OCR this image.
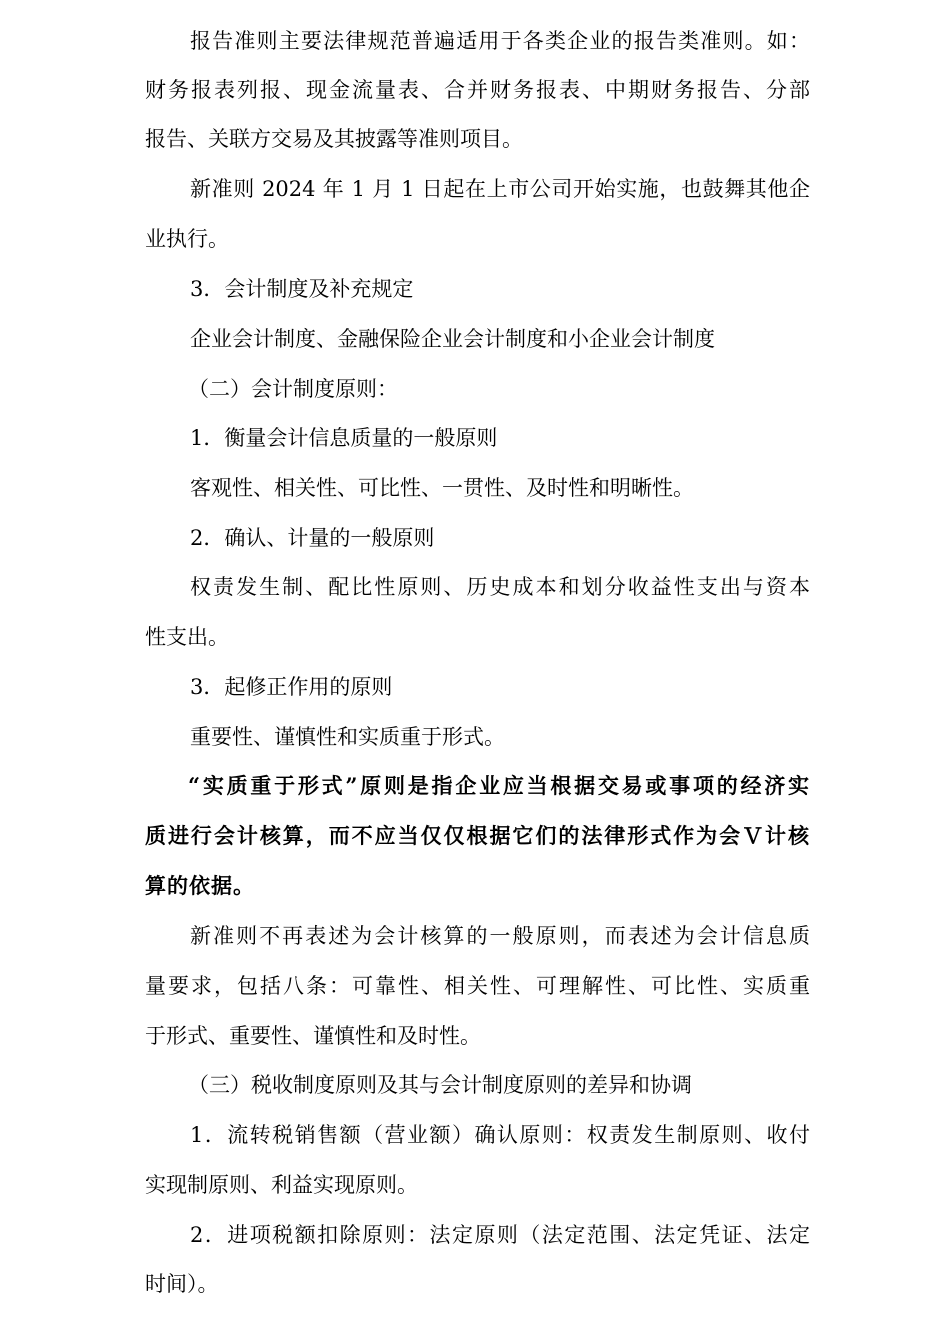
报告准则主要法律规范普遍适用于各类企业的报告类准则。如：
财务报表列报、现金流量表、合并财务报表、中期财务报告、分部
报告、关联方交易及其披露等准则项目。
新准则 2024 年 1 月 1 日起在上市公司开始实施，也鼓舞其他企
业执行。
3．会计制度及补充规定
企业会计制度、金融保险企业会计制度和小企业会计制度
（二）会计制度原则：
1．衡量会计信息质量的一般原则
客观性、相关性、可比性、一贯性、及时性和明晰性。
2．确认、计量的一般原则
权责发生制、配比性原则、历史成本和划分收益性支出与资本
性支出。
3．起修正作用的原则
重要性、谨慎性和实质重于形式。
“实质重于形式”原则是指企业应当根据交易或事项的经济实
质进行会计核算，而不应当仅仅根据它们的法律形式作为会Ｖ计核
算的依据。
新准则不再表述为会计核算的一般原则，而表述为会计信息质
量要求，包括八条：可靠性、相关性、可理解性、可比性、实质重
于形式、重要性、谨慎性和及时性。
（三）税收制度原则及其与会计制度原则的差异和协调
1．流转税销售额（营业额）确认原则：权责发生制原则、收付
实现制原则、利益实现原则。
2．进项税额扣除原则：法定原则（法定范围、法定凭证、法定
时间）。
